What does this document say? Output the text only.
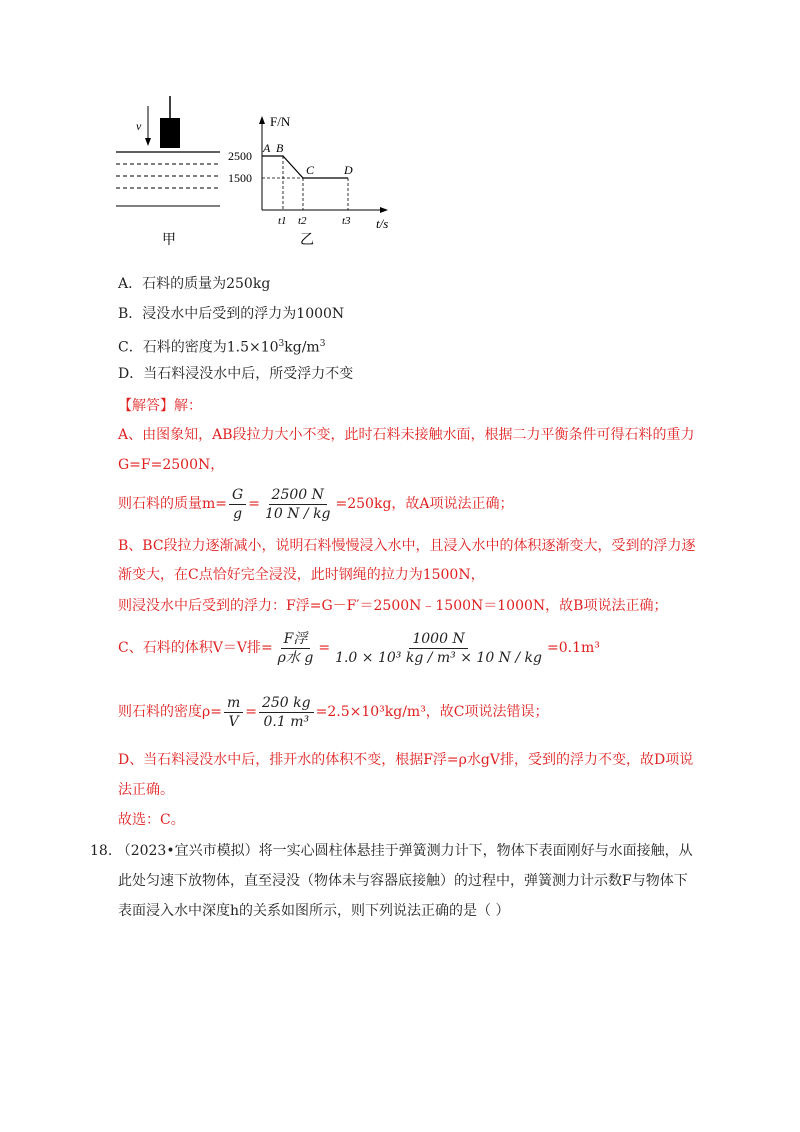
v
甲
F/N
t/s
2500
1500
A B
C D
t1 t2	t3
乙
A．石料的质量为250kg
B．浸没水中后受到的浮力为1000N
C．石料的密度为$1.5\times 10^3kg/m^3$
D．当石料浸没水中后，所受浮力不变
【解答】解：
A、由图象知，AB段拉力大小不变，此时石料未接触水面，根据二力平衡条件可得石料的重力
G=F=2500N，
则石料的质量$m= \frac{G}{g} = \frac{2500 N}{10 N / kg} =250kg$，故A项说法正确；
B、BC段拉力逐渐减小，说明石料慢慢浸入水中，且浸入水中的体积逐渐变大，受到的浮力逐
渐变大，在C点恰好完全浸没，此时钢绳的拉力为1500N，
则浸没水中后受到的浮力：F浮=G－F′＝2500N﹣1500N＝1000N，故B项说法正确；
C、石料的体积V＝V排= $\frac{\text{F浮}}{\text{ρ水 g}} = \frac{1000 N}{\text{1.0 × 10³ kg / m³ × 10 N / kg}} =0.1m^3$
则石料的密度$\rho= \frac{m}{V} = \frac{250 kg}{\text{0.1 m³}} =2.5\times 10^3kg/m^3$，故C项说法错误；
D、当石料浸没水中后，排开水的体积不变，根据F浮=ρ水gV排，受到的浮力不变，故D项说
法正确。
故选：C。
18. （2023•宜兴市模拟）将一实心圆柱体悬挂于弹簧测力计下，物体下表面刚好与水面接触，从
此处匀速下放物体，直至浸没（物体未与容器底接触）的过程中，弹簧测力计示数F与物体下
表面浸入水中深度h的关系如图所示，则下列说法正确的是（ ）
